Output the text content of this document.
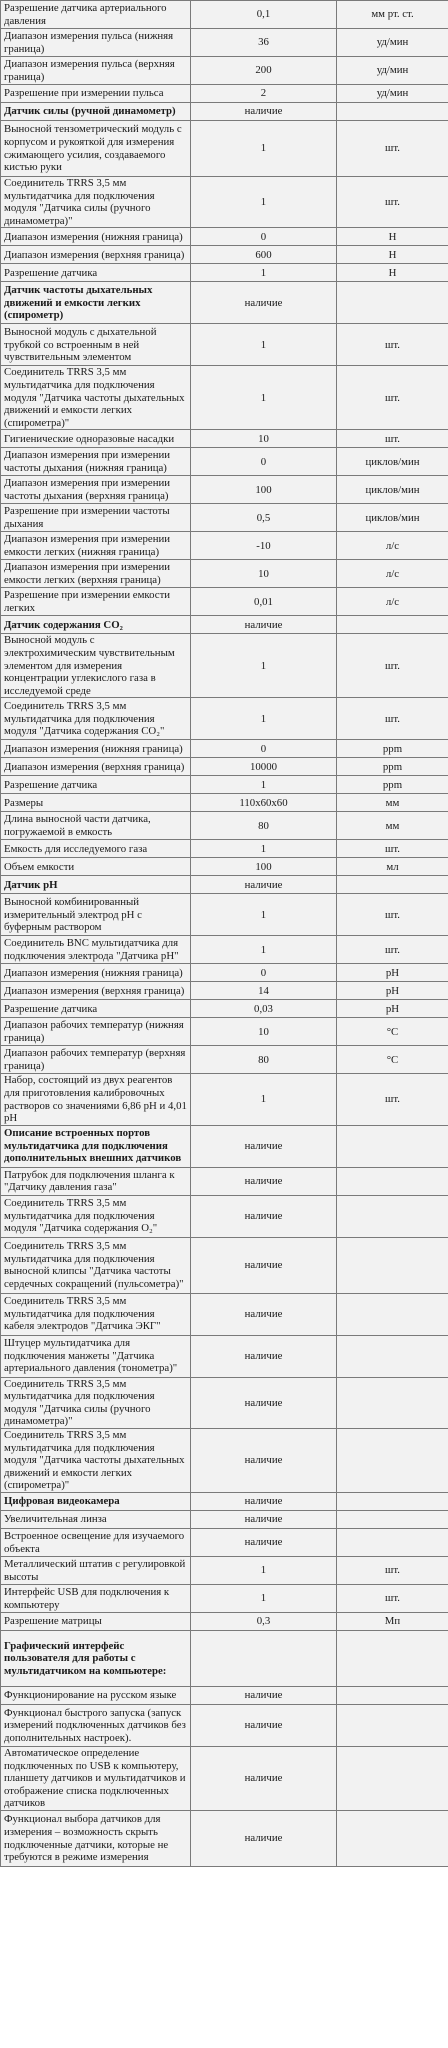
Разрешение датчика артериального давления	0,1	мм рт. ст.
Диапазон измерения пульса (нижняя граница)	36	уд/мин
Диапазон измерения пульса (верхняя граница)	200	уд/мин
Разрешение при измерении пульса	2	уд/мин
Датчик силы (ручной динамометр)	наличие	
Выносной тензометрический модуль с корпусом и рукояткой для измерения сжимающего усилия, создаваемого кистью руки	1	шт.
Соединитель TRRS 3,5 мм мультидатчика для подключения модуля "Датчика силы (ручного динамометра)"	1	шт.
Диапазон измерения (нижняя граница)	0	Н
Диапазон измерения (верхняя граница)	600	Н
Разрешение датчика	1	Н
Датчик частоты дыхательных движений и емкости легких (спирометр)	наличие	
Выносной модуль с дыхательной трубкой со встроенным в ней чувствительным элементом	1	шт.
Соединитель TRRS 3,5 мм мультидатчика для подключения модуля "Датчика частоты дыхательных движений и емкости легких (спирометра)"	1	шт.
Гигиенические одноразовые насадки	10	шт.
Диапазон измерения при измерении частоты дыхания (нижняя граница)	0	циклов/мин
Диапазон измерения при измерении частоты дыхания (верхняя граница)	100	циклов/мин
Разрешение при измерении частоты дыхания	0,5	циклов/мин
Диапазон измерения при измерении емкости легких (нижняя граница)	-10	л/с
Диапазон измерения при измерении емкости легких (верхняя граница)	10	л/с
Разрешение при измерении емкости легких	0,01	л/с
Датчик содержания CO₂	наличие	
Выносной модуль с электрохимическим чувствительным элементом для измерения концентрации углекислого газа в исследуемой среде	1	шт.
Соединитель TRRS 3,5 мм мультидатчика для подключения модуля "Датчика содержания CO₂"	1	шт.
Диапазон измерения (нижняя граница)	0	ppm
Диапазон измерения (верхняя граница)	10000	ppm
Разрешение датчика	1	ppm
Размеры	110x60x60	мм
Длина выносной части датчика, погружаемой в емкость	80	мм
Емкость для исследуемого газа	1	шт.
Объем емкости	100	мл
Датчик pH	наличие	
Выносной комбинированный измерительный электрод pH с буферным раствором	1	шт.
Соединитель BNC мультидатчика для подключения электрода "Датчика pH"	1	шт.
Диапазон измерения (нижняя граница)	0	pH
Диапазон измерения (верхняя граница)	14	pH
Разрешение датчика	0,03	pH
Диапазон рабочих температур (нижняя граница)	10	°C
Диапазон рабочих температур (верхняя граница)	80	°C
Набор, состоящий из двух реагентов для приготовления калибровочных растворов со значениями 6,86 pH и 4,01 pH	1	шт.
Описание встроенных портов мультидатчика для подключения дополнительных внешних датчиков	наличие	
Патрубок для подключения шланга к "Датчику давления газа"	наличие	
Соединитель TRRS 3,5 мм мультидатчика для подключения модуля "Датчика содержания O₂"	наличие	
Соединитель TRRS 3,5 мм мультидатчика для подключения выносной клипсы "Датчика частоты сердечных сокращений (пульсометра)"	наличие	
Соединитель TRRS 3,5 мм мультидатчика для подключения кабеля электродов "Датчика ЭКГ"	наличие	
Штуцер мультидатчика для подключения манжеты "Датчика артериального давления (тонометра)"	наличие	
Соединитель TRRS 3,5 мм мультидатчика для подключения модуля "Датчика силы (ручного динамометра)"	наличие	
Соединитель TRRS 3,5 мм мультидатчика для подключения модуля "Датчика частоты дыхательных движений и емкости легких (спирометра)"	наличие	
Цифровая видеокамера	наличие	
Увеличительная линза	наличие	
Встроенное освещение для изучаемого объекта	наличие	
Металлический штатив с регулировкой высоты	1	шт.
Интерфейс USB для подключения к компьютеру	1	шт.
Разрешение матрицы	0,3	Мп
Графический интерфейс пользователя для работы с мультидатчиком на компьютере:		
Функционирование на русском языке	наличие	
Функционал быстрого запуска (запуск измерений подключенных датчиков без дополнительных настроек).	наличие	
Автоматическое определение подключенных по USB к компьютеру, планшету датчиков и мультидатчиков и отображение списка подключенных датчиков	наличие	
Функционал выбора датчиков для измерения – возможность скрыть подключенные датчики, которые не требуются в режиме измерения	наличие	
